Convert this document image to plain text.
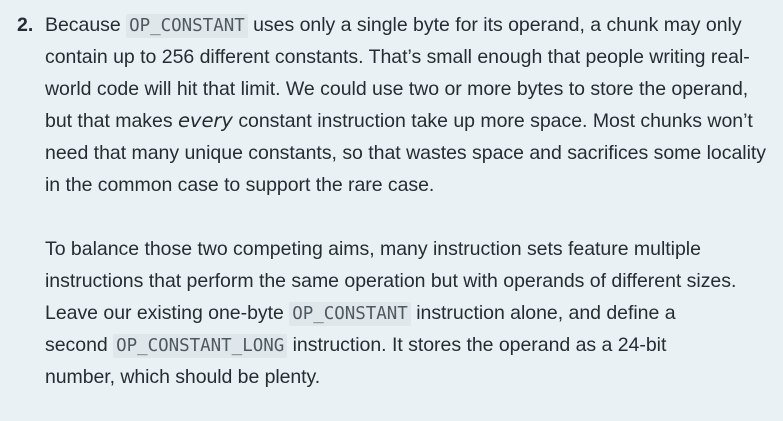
2. Because OP_CONSTANT uses only a single byte for its operand, a chunk may only
contain up to 256 different constants. That’s small enough that people writing real-
world code will hit that limit. We could use two or more bytes to store the operand,
but that makes every constant instruction take up more space. Most chunks won’t
need that many unique constants, so that wastes space and sacrifices some locality
in the common case to support the rare case.
To balance those two competing aims, many instruction sets feature multiple
instructions that perform the same operation but with operands of different sizes.
Leave our existing one-byte OP_CONSTANT instruction alone, and define a
second OP_CONSTANT_LONG instruction. It stores the operand as a 24-bit
number, which should be plenty.
